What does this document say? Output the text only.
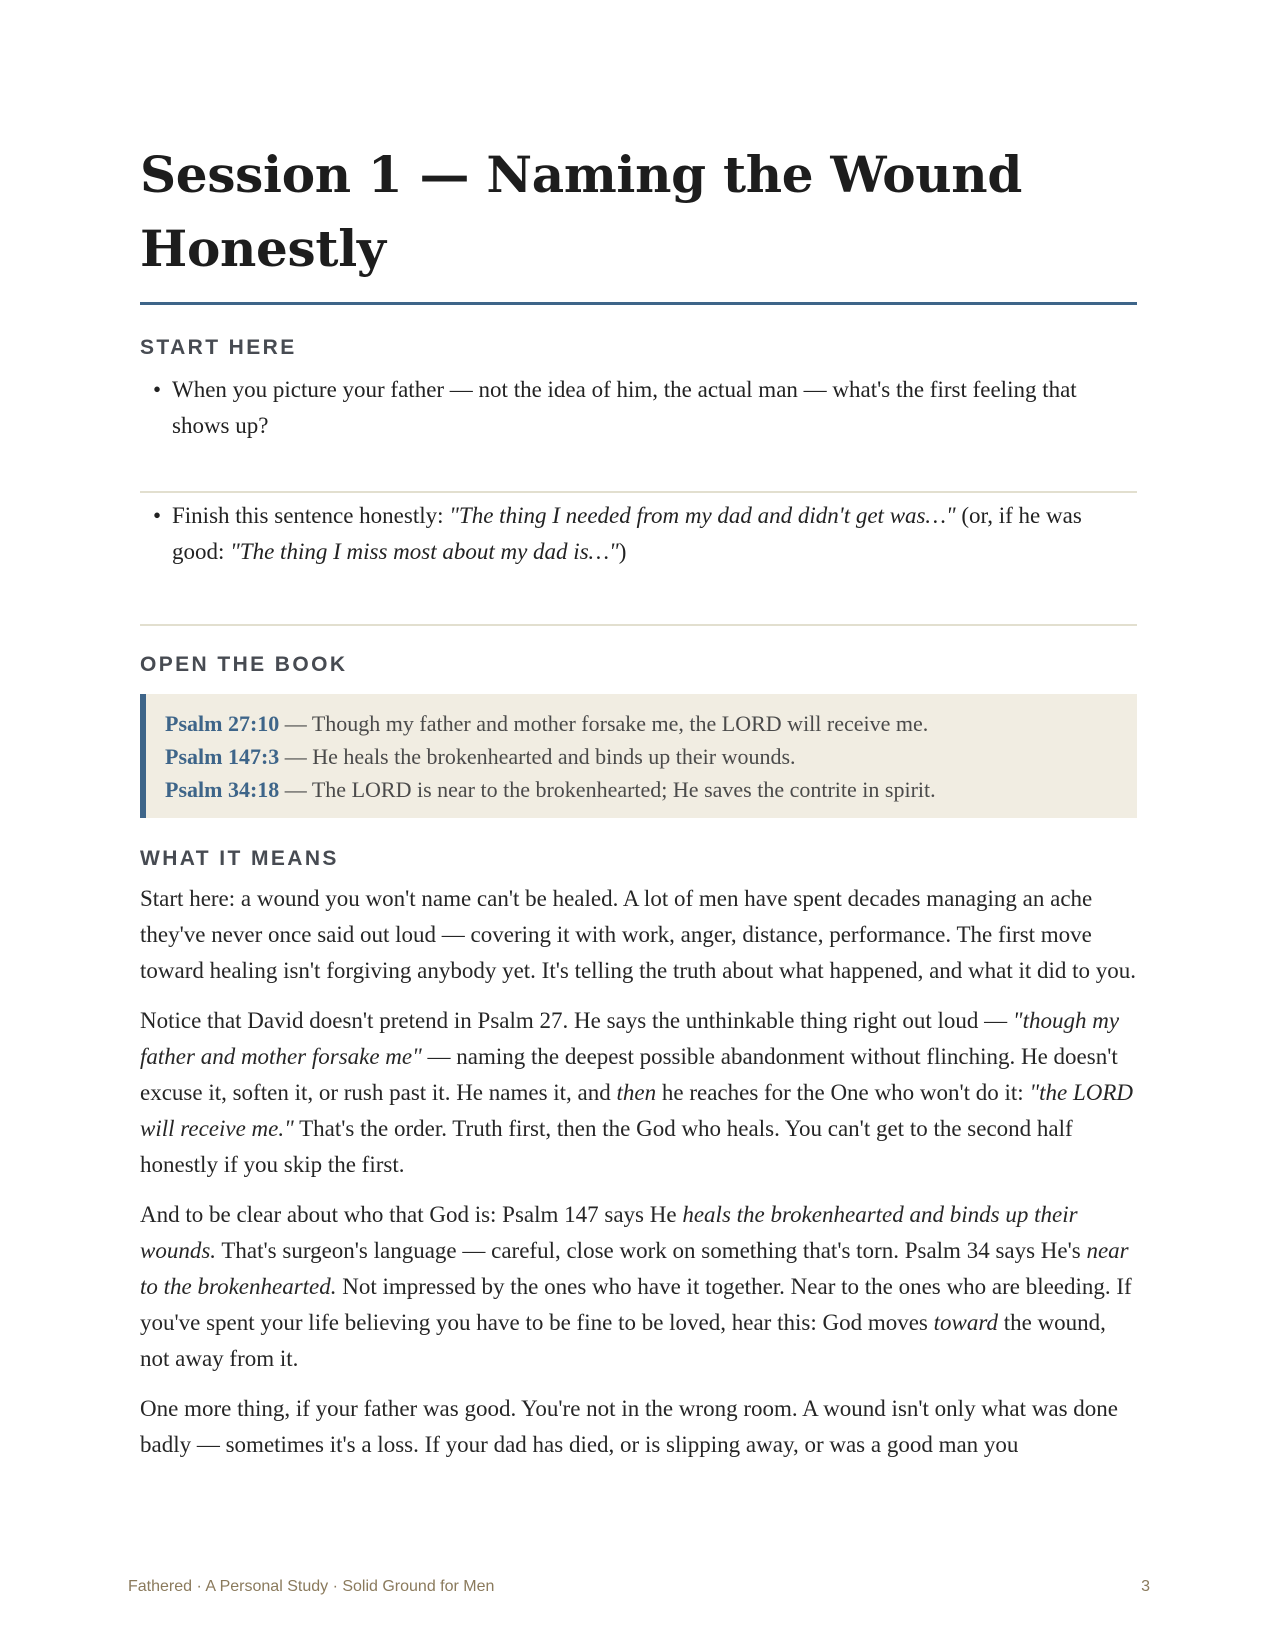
Session 1 — Naming the Wound Honestly
START HERE
• When you picture your father — not the idea of him, the actual man — what's the first feeling that shows up?
• Finish this sentence honestly: "The thing I needed from my dad and didn't get was…" (or, if he was good: "The thing I miss most about my dad is…")
OPEN THE BOOK
Psalm 27:10 — Though my father and mother forsake me, the LORD will receive me.
Psalm 147:3 — He heals the brokenhearted and binds up their wounds.
Psalm 34:18 — The LORD is near to the brokenhearted; He saves the contrite in spirit.
WHAT IT MEANS

Start here: a wound you won't name can't be healed. A lot of men have spent decades managing an ache they've never once said out loud — covering it with work, anger, distance, performance. The first move toward healing isn't forgiving anybody yet. It's telling the truth about what happened, and what it did to you.

Notice that David doesn't pretend in Psalm 27. He says the unthinkable thing right out loud — "though my father and mother forsake me" — naming the deepest possible abandonment without flinching. He doesn't excuse it, soften it, or rush past it. He names it, and then he reaches for the One who won't do it: "the LORD will receive me." That's the order. Truth first, then the God who heals. You can't get to the second half honestly if you skip the first.

And to be clear about who that God is: Psalm 147 says He heals the brokenhearted and binds up their wounds. That's surgeon's language — careful, close work on something that's torn. Psalm 34 says He's near to the brokenhearted. Not impressed by the ones who have it together. Near to the ones who are bleeding. If you've spent your life believing you have to be fine to be loved, hear this: God moves toward the wound, not away from it.

One more thing, if your father was good. You're not in the wrong room. A wound isn't only what was done badly — sometimes it's a loss. If your dad has died, or is slipping away, or was a good man you

Fathered · A Personal Study · Solid Ground for Men	3
